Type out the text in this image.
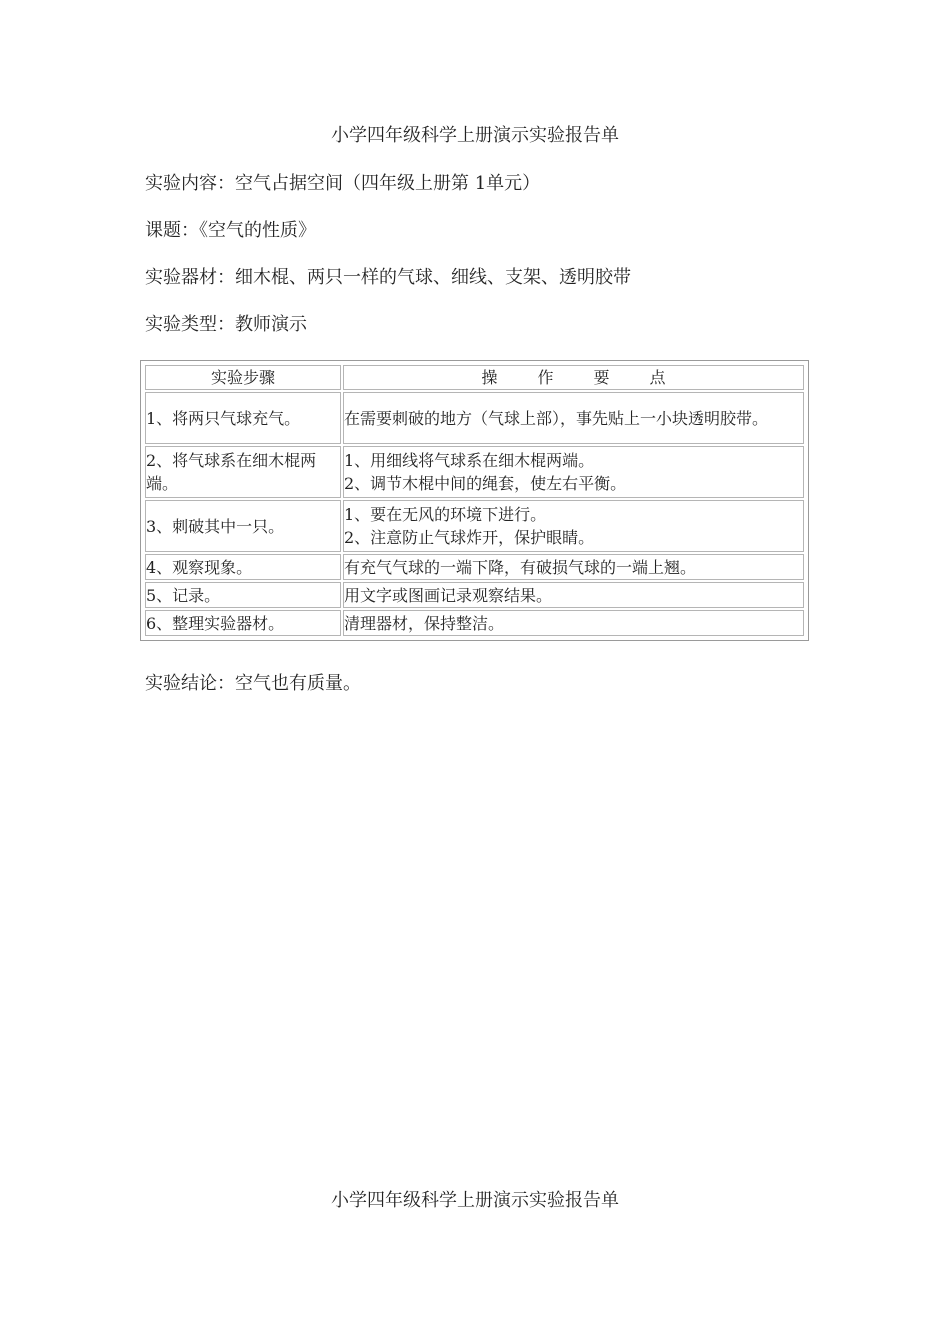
小学四年级科学上册演示实验报告单
实验内容：空气占据空间（四年级上册第 1单元）
课题：《空气的性质》
实验器材：细木棍、两只一样的气球、细线、支架、透明胶带
实验类型：教师演示
实验步骤	操作要点
1、将两只气球充气。	在需要刺破的地方（气球上部），事先贴上一小块透明胶带。

2、将气球系在细木棍两端。	1、用细线将气球系在细木棍两端。
2、调节木棍中间的绳套，使左右平衡。

3、刺破其中一只。	1、要在无风的环境下进行。
2、注意防止气球炸开，保护眼睛。

4、观察现象。	有充气气球的一端下降，有破损气球的一端上翘。

5、记录。	用文字或图画记录观察结果。

6、整理实验器材。	清理器材，保持整洁。
实验结论：空气也有质量。
小学四年级科学上册演示实验报告单
